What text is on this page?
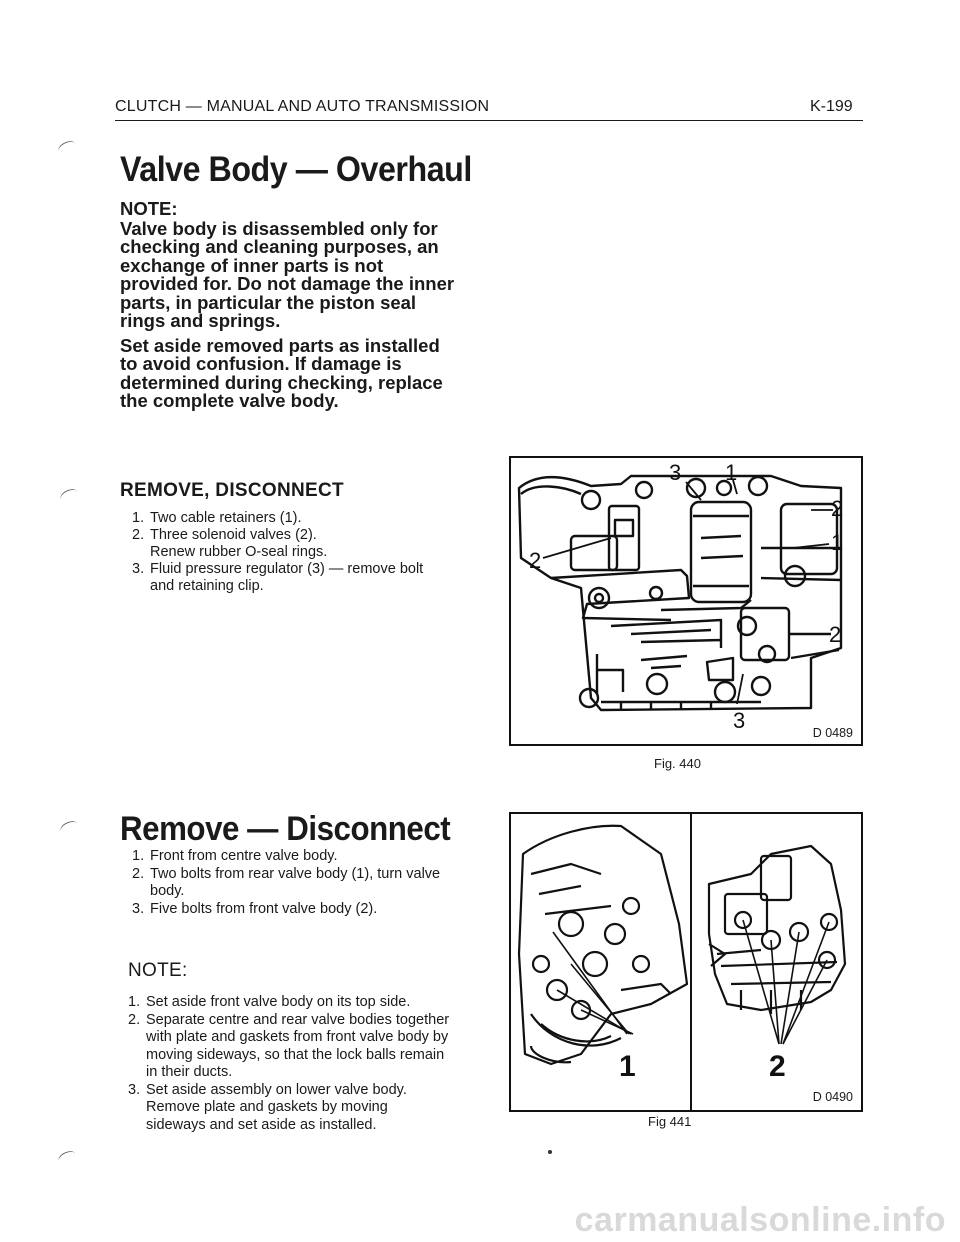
CLUTCH — MANUAL AND AUTO TRANSMISSION	K-199
Valve Body — Overhaul
NOTE:

Valve body is disassembled only for checking and cleaning purposes, an exchange of inner parts is not provided for. Do not damage the inner parts, in particular the piston seal rings and springs.

Set aside removed parts as installed to avoid confusion. If damage is determined during checking, replace the complete valve body.

REMOVE, DISCONNECT
1. Two cable retainers (1).
2. Three solenoid valves (2).
Renew rubber O-seal rings.
3. Fluid pressure regulator (3) — remove bolt and retaining clip.
Remove — Disconnect
1. Front from centre valve body.
2. Two bolts from rear valve body (1), turn valve body.
3. Five bolts from front valve body (2).
NOTE:
1. Set aside front valve body on its top side.
2. Separate centre and rear valve bodies together with plate and gaskets from front valve body by moving sideways, so that the lock balls remain in their ducts.
3. Set aside assembly on lower valve body.
Remove plate and gaskets by moving sideways and set aside as installed.
3 1
2
1
2
2
3	D 0489
Fig. 440
1	2
D 0490
Fig 441
carmanualsonline.info
